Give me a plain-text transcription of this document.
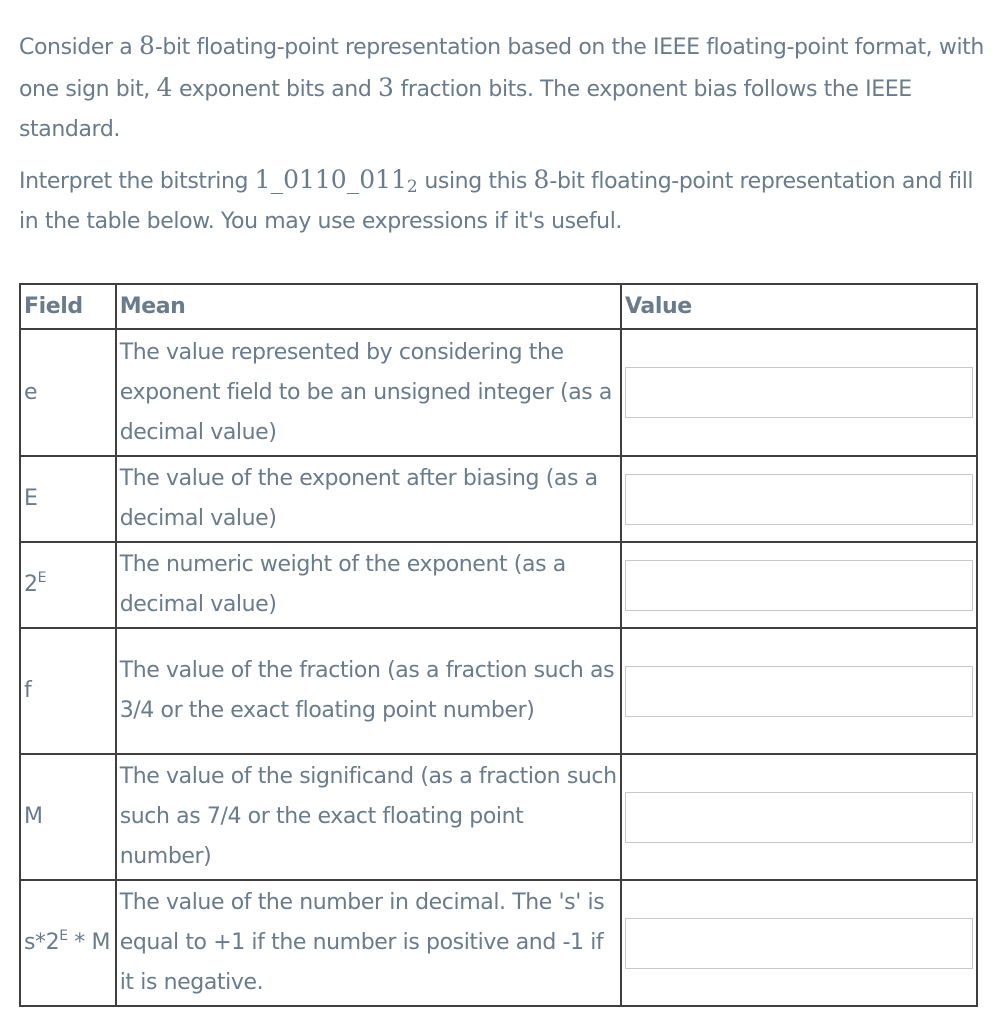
Consider a 8-bit floating-point representation based on the IEEE floating-point format, with one sign bit, 4 exponent bits and 3 fraction bits. The exponent bias follows the IEEE standard.

Interpret the bitstring $1\_0110\_011_2$ using this 8-bit floating-point representation and fill in the table below. You may use expressions if it's useful.

Field	Mean	Value
e	The value represented by considering the exponent field to be an unsigned integer (as a decimal value)	

E	The value of the exponent after biasing (as a decimal value)	

$2^E$	The numeric weight of the exponent (as a decimal value)	

f	The value of the fraction (as a fraction such as 3/4 or the exact floating point number)	

M	The value of the significand (as a fraction such such as 7/4 or the exact floating point number)	

$s*2^E$ * M	The value of the number in decimal. The 's' is equal to +1 if the number is positive and -1 if it is negative.	
